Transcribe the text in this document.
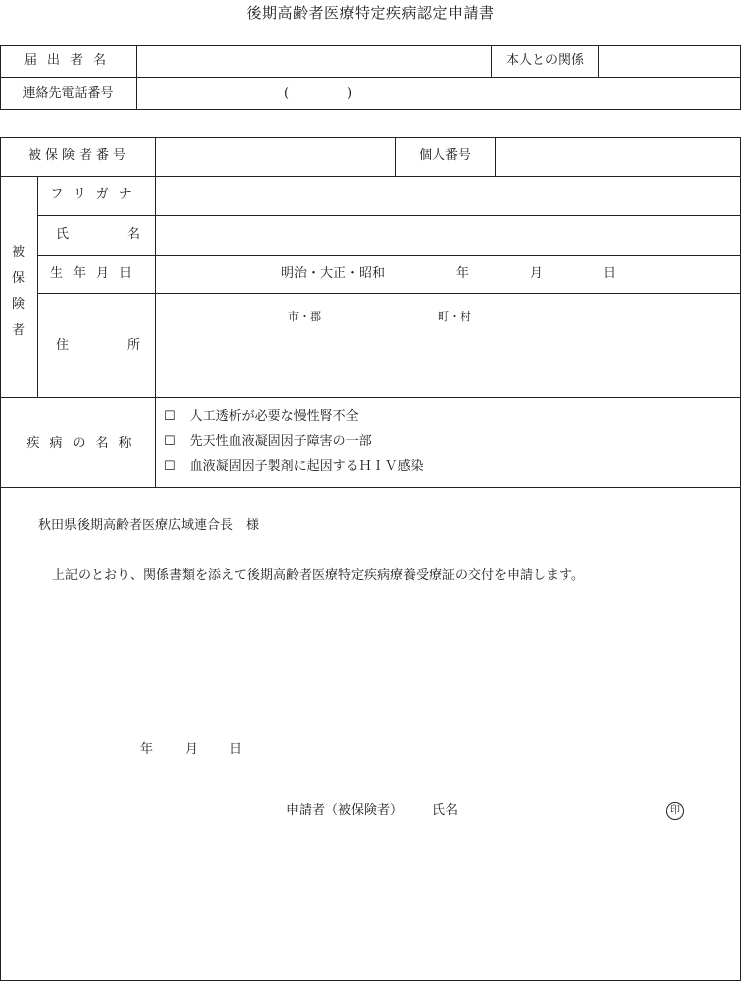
後期高齢者医療特定疾病認定申請書
届出者名	本人との関係
連絡先電話番号	(	)
被保険者番号	個人番号
被保険者
フリガナ
氏	名
生年月日	明治・大正・昭和	年	月	日
住	所
市・郡	町・村
疾病の名称
☐ 人工透析が必要な慢性腎不全
☐ 先天性血液凝固因子障害の一部
☐ 血液凝固因子製剤に起因するＨＩＶ感染
秋田県後期高齢者医療広域連合長　様
上記のとおり、関係書類を添えて後期高齢者医療特定疾病療養受療証の交付を申請します。
年 月 日
申請者（被保険者） 氏名	印
